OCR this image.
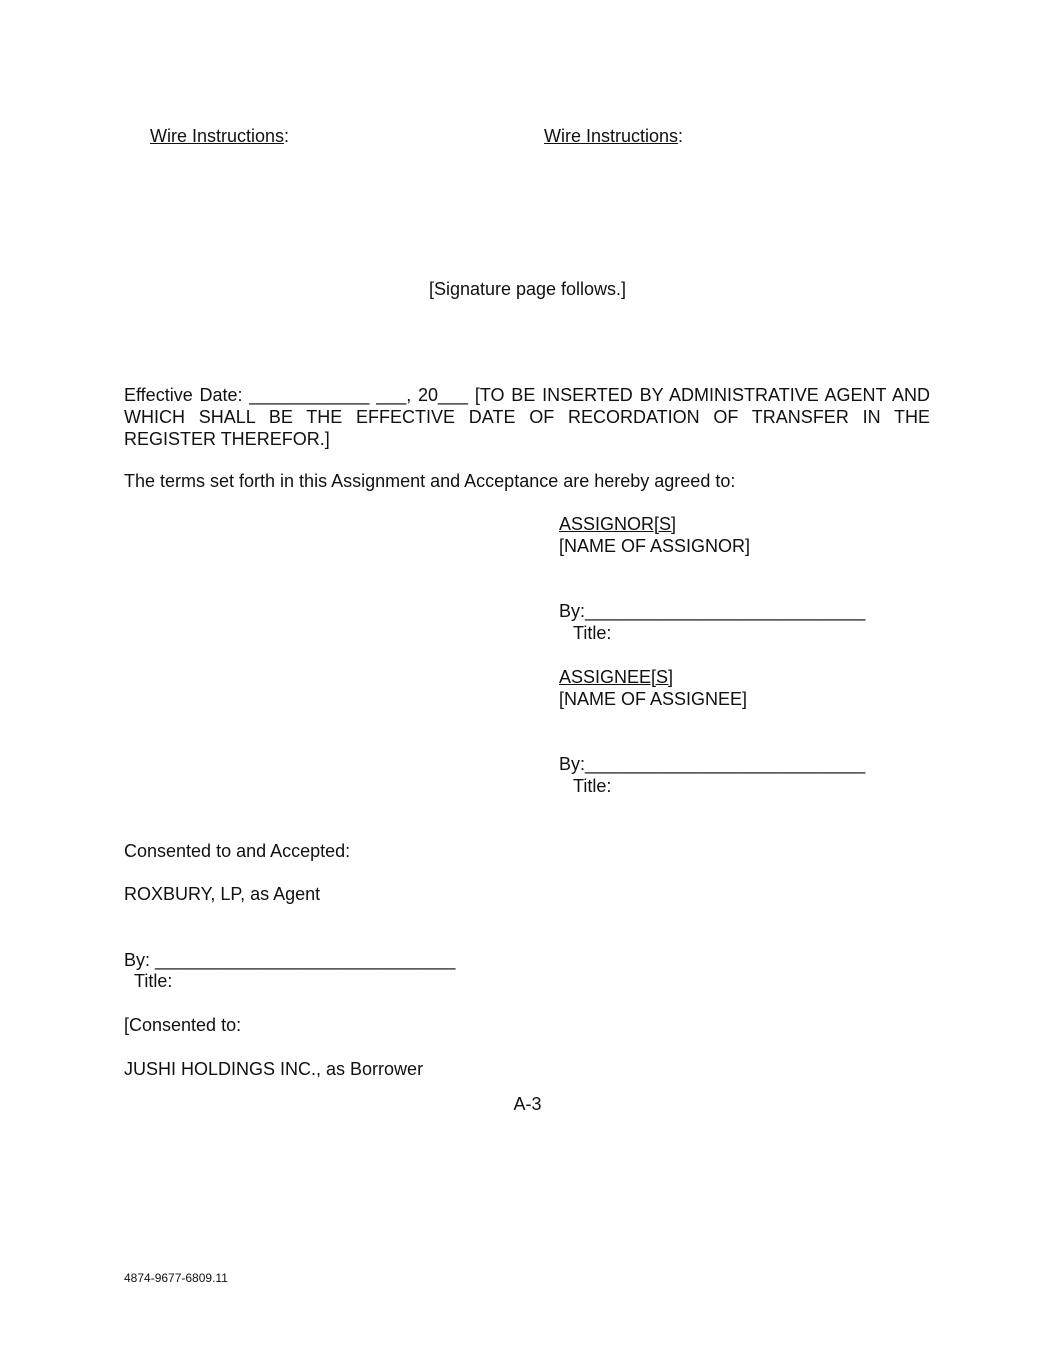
Wire Instructions:	Wire Instructions:
[Signature page follows.]
Effective Date: ____________ ___, 20___ [TO BE INSERTED BY ADMINISTRATIVE AGENT AND WHICH SHALL BE THE EFFECTIVE DATE OF RECORDATION OF TRANSFER IN THE REGISTER THEREFOR.]
The terms set forth in this Assignment and Acceptance are hereby agreed to:
ASSIGNOR[S]
[NAME OF ASSIGNOR]
By:____________________________
Title:
ASSIGNEE[S]
[NAME OF ASSIGNEE]
By:____________________________
Title:
Consented to and Accepted:
ROXBURY, LP, as Agent
By: ______________________________
Title:
[Consented to:
JUSHI HOLDINGS INC., as Borrower
A-3
4874-9677-6809.11
